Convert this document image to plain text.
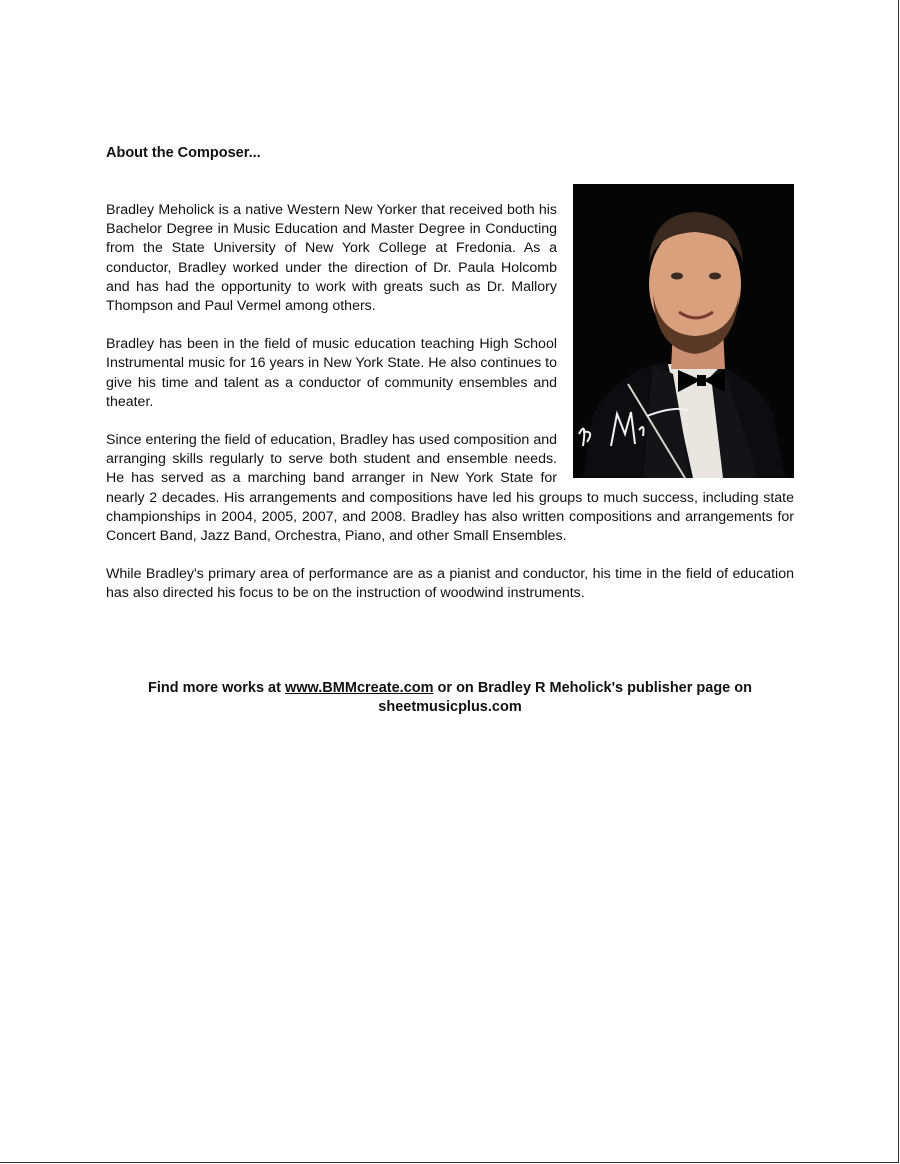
About the Composer...

Bradley Meholick is a native Western New Yorker that received both his Bachelor Degree in Music Education and Master Degree in Conducting from the State University of New York College at Fredonia. As a conductor, Bradley worked under the direction of Dr. Paula Holcomb and has had the opportunity to work with greats such as Dr. Mallory Thompson and Paul Vermel among others.

Bradley has been in the field of music education teaching High School Instrumental music for 16 years in New York State. He also continues to give his time and talent as a conductor of community ensembles and theater.

Since entering the field of education, Bradley has used composition and arranging skills regularly to serve both student and ensemble needs. He has served as a marching band arranger in New York State for nearly 2 decades. His arrangements and compositions have led his groups to much success, including state championships in 2004, 2005, 2007, and 2008. Bradley has also written compositions and arrangements for Concert Band, Jazz Band, Orchestra, Piano, and other Small Ensembles.

While Bradley's primary area of performance are as a pianist and conductor, his time in the field of education has also directed his focus to be on the instruction of woodwind instruments.

Find more works at www.BMMcreate.com or on Bradley R Meholick's publisher page on sheetmusicplus.com
